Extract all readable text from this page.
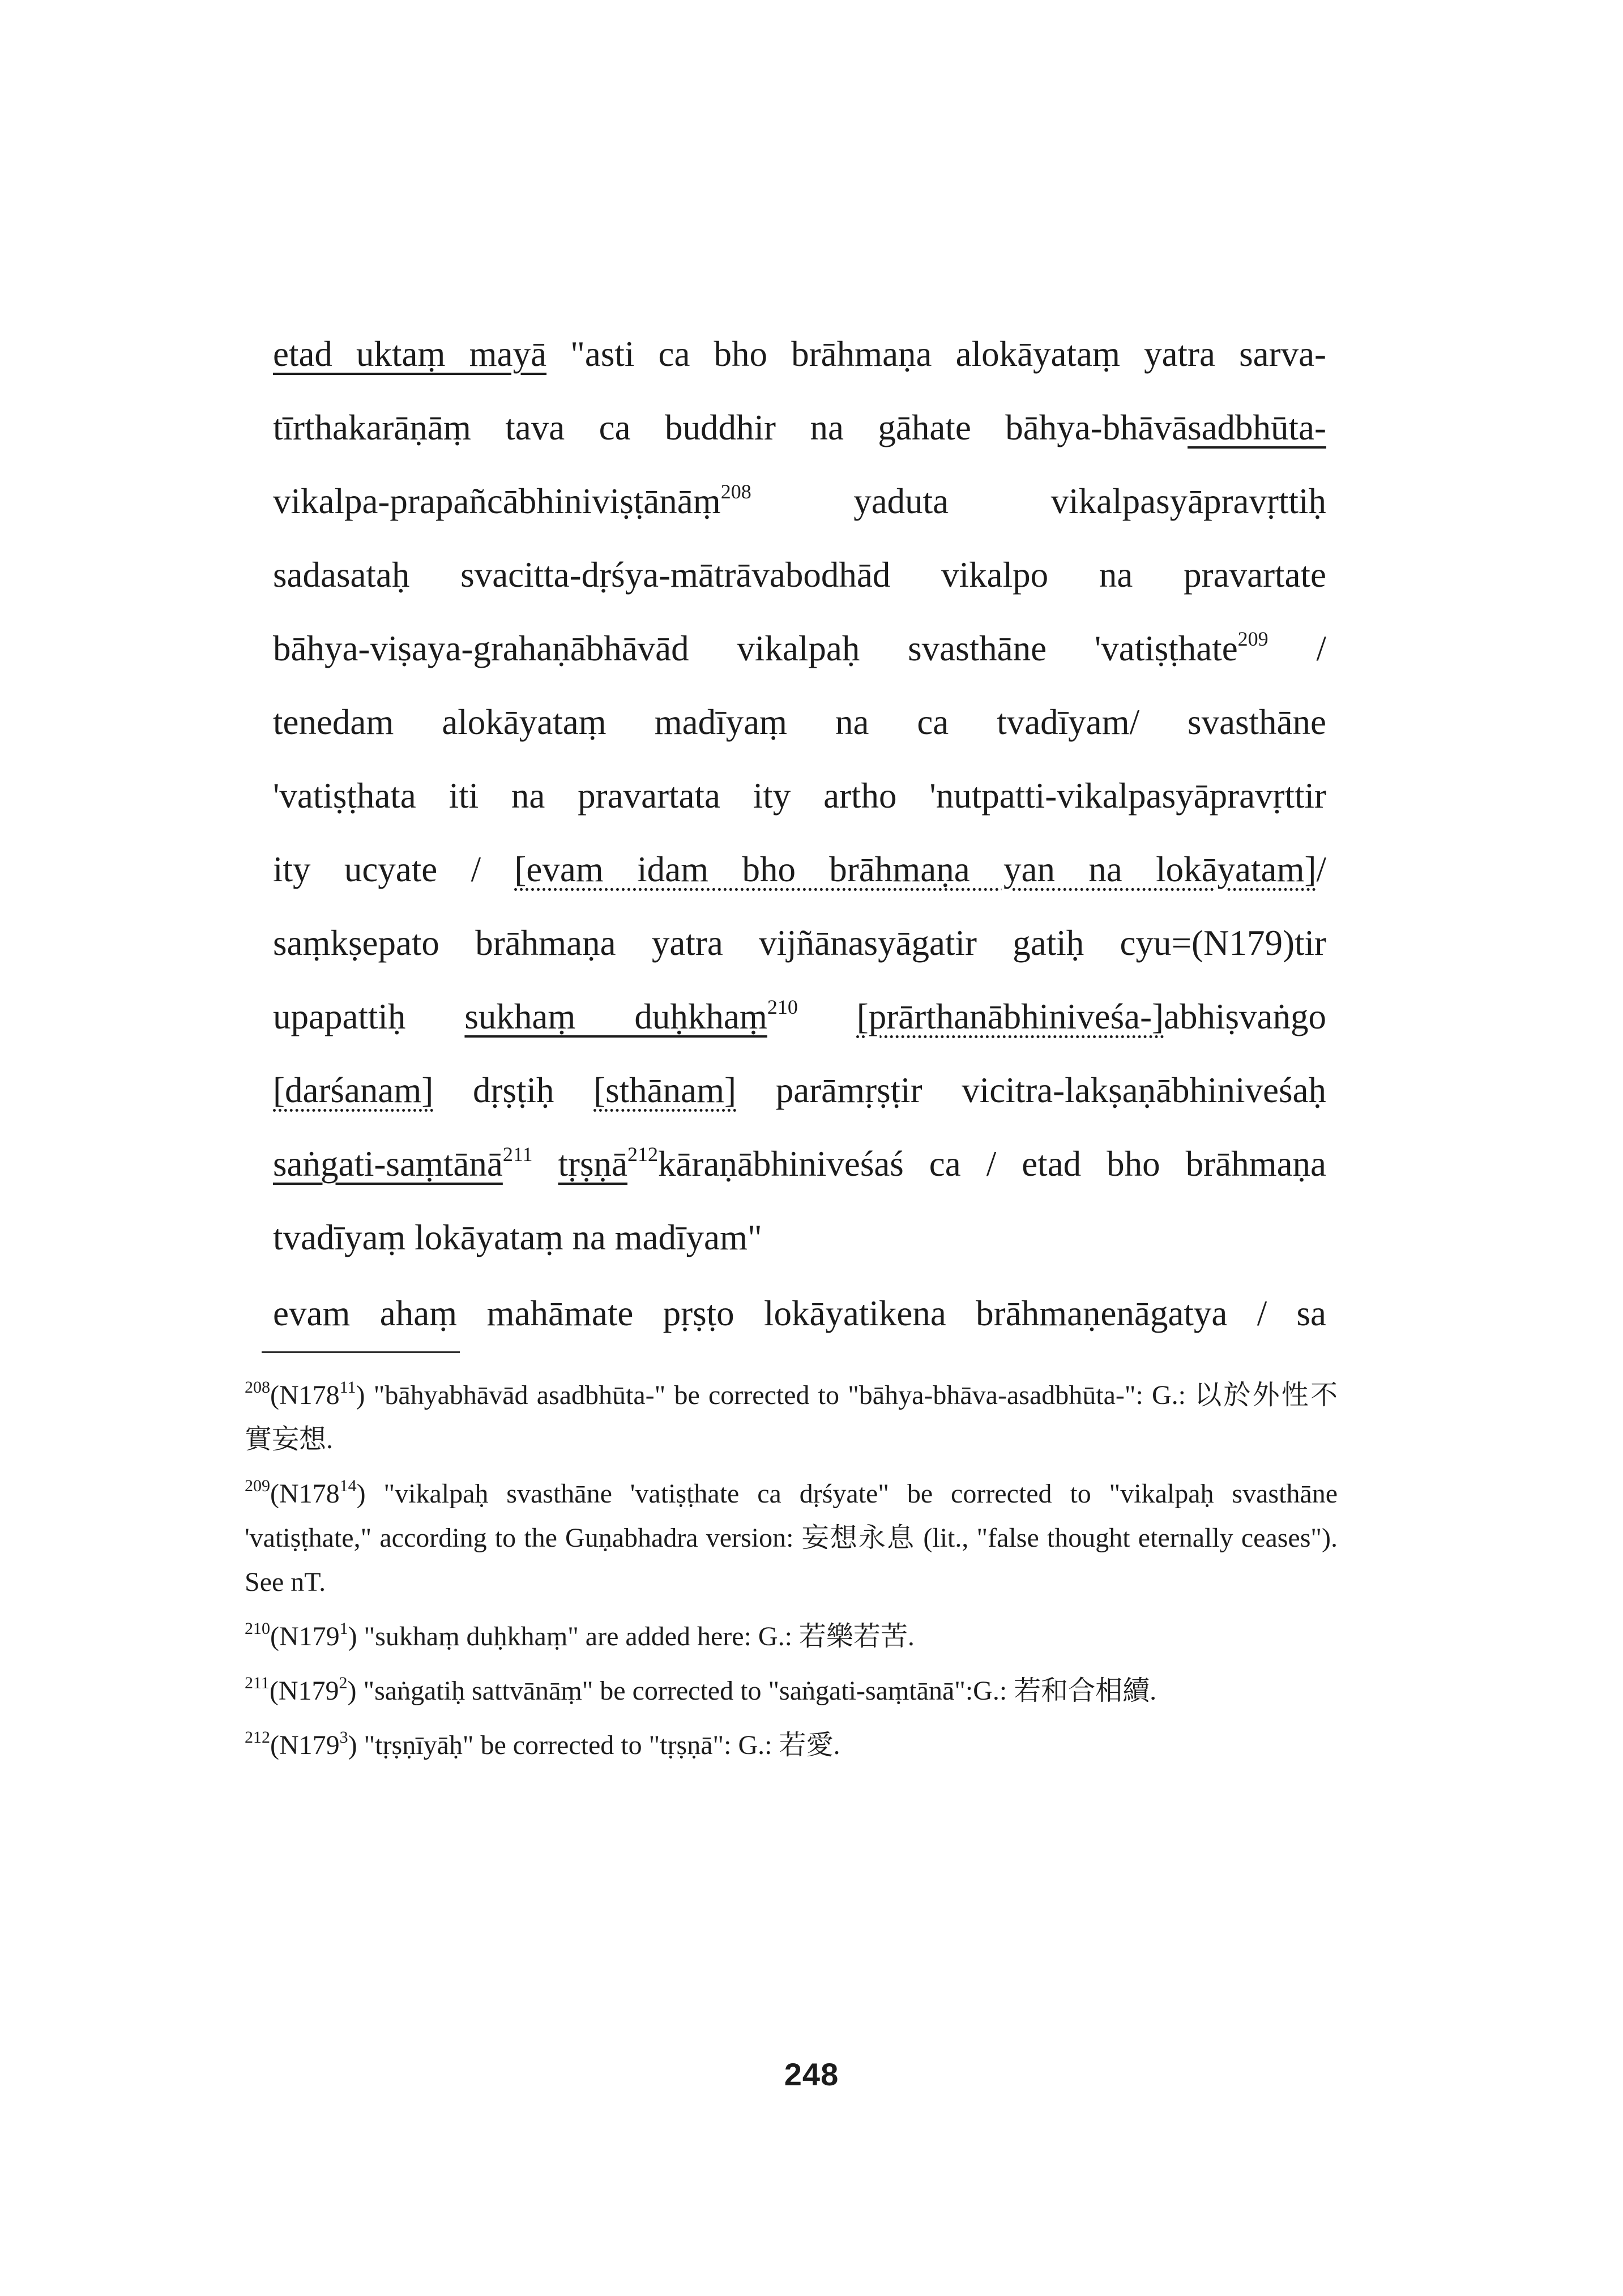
etad uktaṃ mayā "asti ca bho brāhmaṇa alokāyataṃ yatra sarva-
tīrthakarāṇāṃ tava ca buddhir na gāhate bāhya-bhāvāsadbhūta-
vikalpa-prapañcābhiniviṣṭānāṃ$^{208}$ yaduta vikalpasyāpravṛttiḥ
sadasataḥ svacitta-dṛśya-mātrāvabodhād vikalpo na pravartate
bāhya-viṣaya-grahaṇābhāvād vikalpaḥ svasthāne 'vatiṣṭhate$^{209}$ /
tenedam alokāyataṃ madīyaṃ na ca tvadīyam/ svasthāne
'vatiṣṭhata iti na pravartata ity artho 'nutpatti-vikalpasyāpravṛttir
ity ucyate / [evam idam bho brāhmaṇa yan na lokāyatam]/
saṃkṣepato brāhmaṇa yatra vijñānasyāgatir gatiḥ cyu=(N179)tir
upapattiḥ sukhaṃ duḥkhaṃ$^{210}$ [prārthanābhiniveśa-]abhiṣvaṅgo
[darśanam] dṛṣṭiḥ [sthānam] parāmṛṣṭir vicitra-lakṣaṇābhiniveśaḥ
saṅgati-saṃtānā$^{211}$ tṛṣṇā$^{212}$kāraṇābhiniveśaś ca / etad bho brāhmaṇa
tvadīyaṃ lokāyataṃ na madīyam"
evam ahaṃ mahāmate pṛṣṭo lokāyatikena brāhmaṇenāgatya / sa
$^{208}(N178^{11})$ "bāhyabhāvād asadbhūta-" be corrected to "bāhya-bhāva-asadbhūta-": G.: 以於外性不實妄想.
$^{209}(N178^{14})$ "vikalpaḥ svasthāne 'vatiṣṭhate ca dṛśyate" be corrected to "vikalpaḥ svasthāne 'vatiṣṭhate," according to the Guṇabhadra version: 妄想永息 (lit., "false thought eternally ceases"). See nT.
$^{210}(N179^1)$ "sukhaṃ duḥkhaṃ" are added here: G.: 若樂若苦.
$^{211}(N179^2)$ "saṅgatiḥ sattvānāṃ" be corrected to "saṅgati-saṃtānā":G.: 若和合相續.
$^{212}(N179^3)$ "tṛṣṇīyāḥ" be corrected to "tṛṣṇā": G.: 若愛.
248
